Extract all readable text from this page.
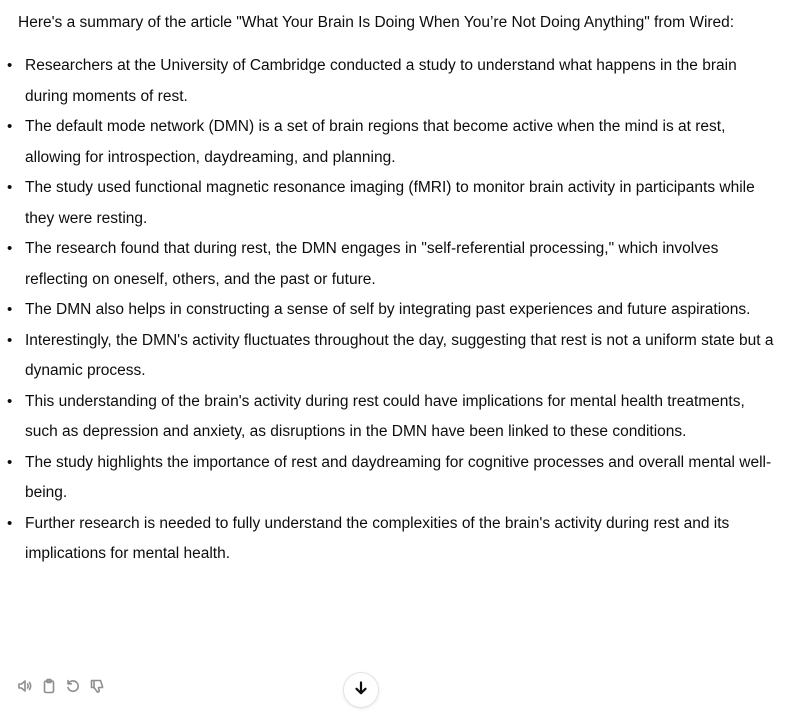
Here's a summary of the article "What Your Brain Is Doing When You’re Not Doing Anything" from Wired:

• Researchers at the University of Cambridge conducted a study to understand what happens in the brain during moments of rest.
• The default mode network (DMN) is a set of brain regions that become active when the mind is at rest, allowing for introspection, daydreaming, and planning.
• The study used functional magnetic resonance imaging (fMRI) to monitor brain activity in participants while they were resting.
• The research found that during rest, the DMN engages in "self-referential processing," which involves reflecting on oneself, others, and the past or future.
• The DMN also helps in constructing a sense of self by integrating past experiences and future aspirations.
• Interestingly, the DMN's activity fluctuates throughout the day, suggesting that rest is not a uniform state but a dynamic process.
• This understanding of the brain's activity during rest could have implications for mental health treatments, such as depression and anxiety, as disruptions in the DMN have been linked to these conditions.
• The study highlights the importance of rest and daydreaming for cognitive processes and overall mental well-being.
• Further research is needed to fully understand the complexities of the brain's activity during rest and its implications for mental health.
